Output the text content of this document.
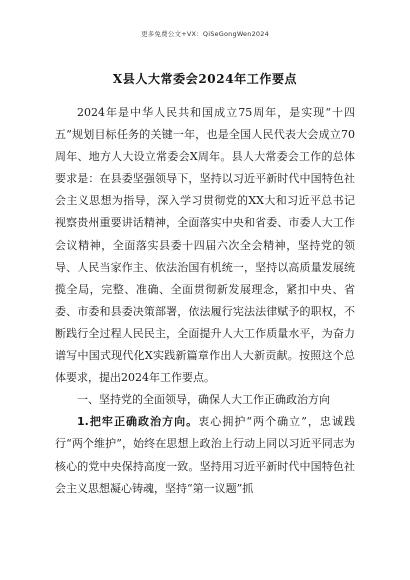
更多免费公文+VX：QiSeGongWen2024
X县人大常委会2024年工作要点

2024年是中华人民共和国成立75周年，是实现“十四五”规划目标任务的关键一年，也是全国人民代表大会成立70周年、地方人大设立常委会X周年。县人大常委会工作的总体要求是：在县委坚强领导下，坚持以习近平新时代中国特色社会主义思想为指导，深入学习贯彻党的XX大和习近平总书记视察贵州重要讲话精神，全面落实中央和省委、市委人大工作会议精神，全面落实县委十四届六次全会精神，坚持党的领导、人民当家作主、依法治国有机统一，坚持以高质量发展统揽全局，完整、准确、全面贯彻新发展理念，紧扣中央、省委、市委和县委决策部署，依法履行宪法法律赋予的职权，不断践行全过程人民民主，全面提升人大工作质量水平，为奋力谱写中国式现代化X实践新篇章作出人大新贡献。按照这个总体要求，提出2024年工作要点。

一、坚持党的全面领导，确保人大工作正确政治方向

1.把牢正确政治方向。衷心拥护“两个确立”，忠诚践行“两个维护”，始终在思想上政治上行动上同以习近平同志为核心的党中央保持高度一致。坚持用习近平新时代中国特色社会主义思想凝心铸魂，坚持“第一议题”抓
